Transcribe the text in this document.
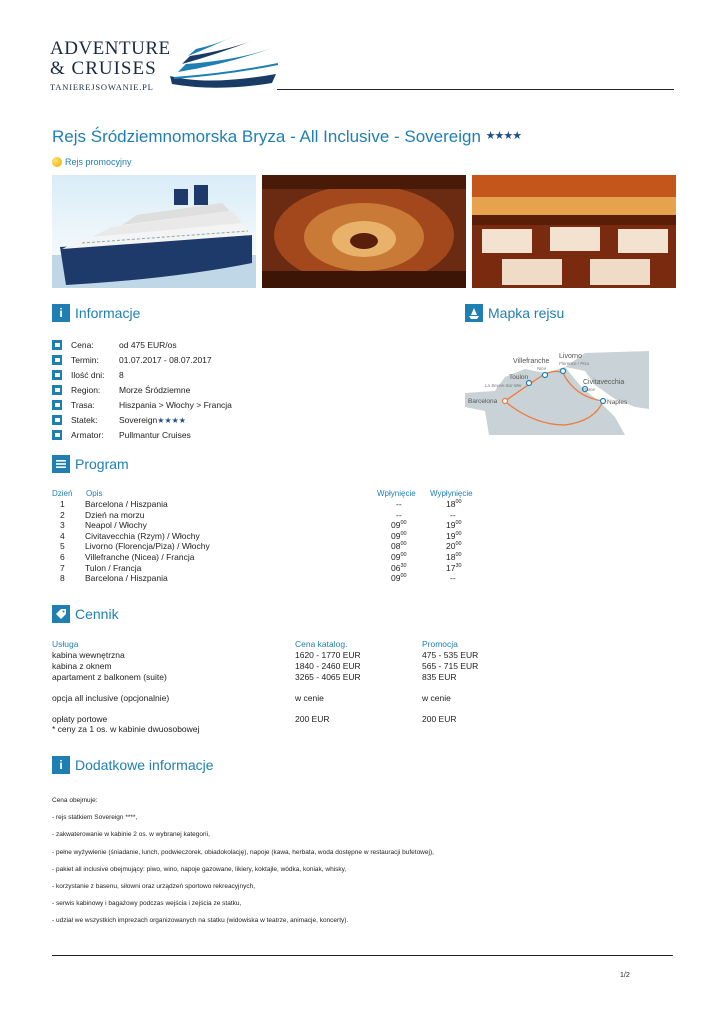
ADVENTURE
& CRUISES
TANIEREJSOWANIE.PL
Rejs Śródziemnomorska Bryza - All Inclusive - Sovereign ★★★★
Rejs promocyjny
i Informacje
Cena:	od 475 EUR/os
Termin:	01.07.2017 - 08.07.2017
Ilość dni:	8
Region:	Morze Śródziemne
Trasa:	Hiszpania > Włochy > Francja
Statek:	Sovereign★★★★
Armator:	Pullmantur Cruises
Mapka rejsu
Livorno
Florence / Pisa
Villefranche
Nice
Toulon
La Seyne-Sur-Mer	Civitavecchia
Rome
Barcelona	Naples
Program
Dzień Opis	Wpłynięcie Wypłynięcie
1 Barcelona / Hiszpania	--	$18^{00}$
2 Dzień na morzu	--	--
3 Neapol / Włochy	$09^{00}$	$19^{00}$
4 Civitavecchia (Rzym) / Włochy	$09^{00}$	$19^{00}$
5 Livorno (Florencja/Piza) / Włochy	$08^{00}$	$20^{00}$
6 Villefranche (Nicea) / Francja	$09^{00}$	$18^{00}$
7 Tulon / Francja	$06^{30}$	$17^{30}$
8 Barcelona / Hiszpania	$09^{00}$	--
Cennik
Usługa	Cena katalog.	Promocja
kabina wewnętrzna	1620 - 1770 EUR	475 - 535 EUR
kabina z oknem	1840 - 2460 EUR	565 - 715 EUR
apartament z balkonem (suite)	3265 - 4065 EUR	835 EUR
opcja all inclusive (opcjonalnie)	w cenie	w cenie
opłaty portowe	200 EUR	200 EUR
* ceny za 1 os. w kabinie dwuosobowej
i Dodatkowe informacje
Cena obejmuje:
- rejs statkiem Sovereign ****,
- zakwaterowanie w kabinie 2 os. w wybranej kategorii,
- pełne wyżywienie (śniadanie, lunch, podwieczorek, obiadokolację), napoje (kawa, herbata, woda dostępne w restauracji bufetowej),
- pakiet all inclusive obejmujący: piwo, wino, napoje gazowane, likiery, koktajle, wódka, koniak, whisky,
- korzystanie z basenu, siłowni oraz urządzeń sportowo rekreacyjnych,
- serwis kabinowy i bagażowy podczas wejścia i zejścia ze statku,
- udział we wszystkich imprezach organizowanych na statku (widowiska w teatrze, animacje, koncerty).
1/2
